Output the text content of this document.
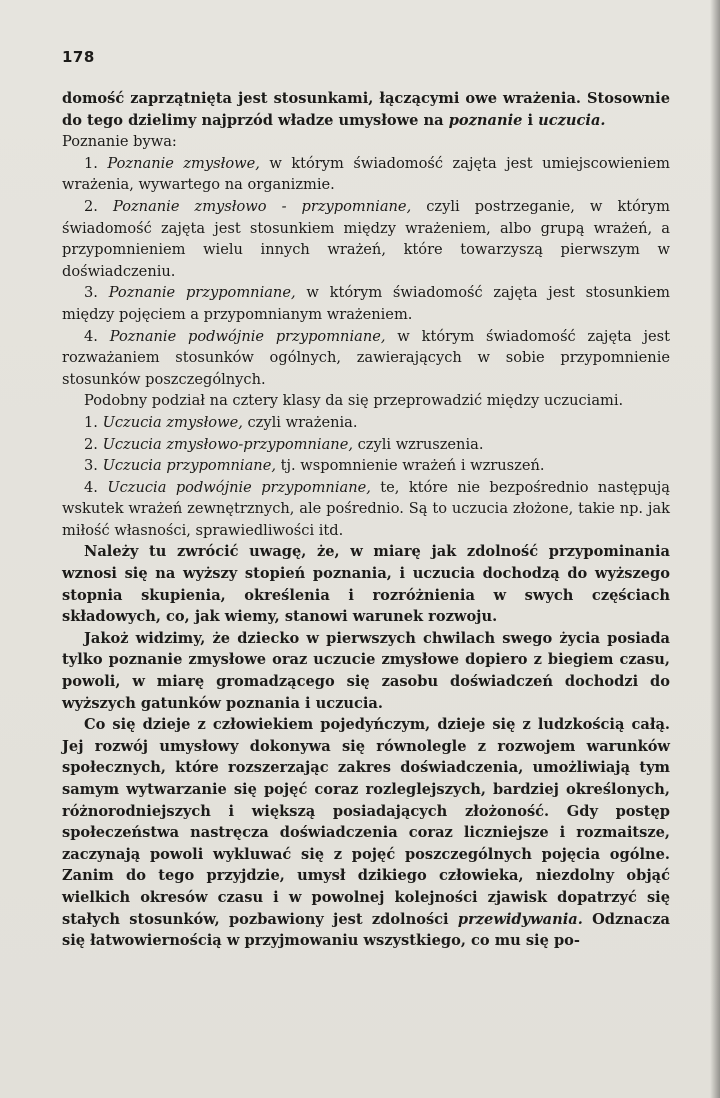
178

domość zaprzątnięta jest stosunkami, łączącymi owe wrażenia. Stosownie do tego dzielimy najprzód władze umysłowe na poznanie i uczucia.

Poznanie bywa:

1. Poznanie zmysłowe, w którym świadomość zajęta jest umiejscowieniem wrażenia, wywartego na organizmie.

2. Poznanie zmysłowo - przypomniane, czyli postrzeganie, w którym świadomość zajęta jest stosunkiem między wrażeniem, albo grupą wrażeń, a przypomnieniem wielu innych wrażeń, które towarzyszą pierwszym w doświadczeniu.

3. Poznanie przypomniane, w którym świadomość zajęta jest stosunkiem między pojęciem a przypomnianym wrażeniem.

4. Poznanie podwójnie przypomniane, w którym świadomość zajęta jest rozważaniem stosunków ogólnych, zawierających w sobie przypomnienie stosunków poszczególnych.

Podobny podział na cztery klasy da się przeprowadzić między uczuciami.

1. Uczucia zmysłowe, czyli wrażenia.

2. Uczucia zmysłowo-przypomniane, czyli wzruszenia.

3. Uczucia przypomniane, tj. wspomnienie wrażeń i wzruszeń.

4. Uczucia podwójnie przypomniane, te, które nie bezpośrednio następują wskutek wrażeń zewnętrznych, ale pośrednio. Są to uczucia złożone, takie np. jak miłość własności, sprawiedliwości itd.

Należy tu zwrócić uwagę, że, w miarę jak zdolność przypominania wznosi się na wyższy stopień poznania, i uczucia dochodzą do wyższego stopnia skupienia, określenia i rozróżnienia w swych częściach składowych, co, jak wiemy, stanowi warunek rozwoju.

Jakoż widzimy, że dziecko w pierwszych chwilach swego życia posiada tylko poznanie zmysłowe oraz uczucie zmysłowe dopiero z biegiem czasu, powoli, w miarę gromadzącego się zasobu doświadczeń dochodzi do wyższych gatunków poznania i uczucia.

Co się dzieje z człowiekiem pojedyńczym, dzieje się z ludzkością całą. Jej rozwój umysłowy dokonywa się równolegle z rozwojem warunków społecznych, które rozszerzając zakres doświadczenia, umożliwiają tym samym wytwarzanie się pojęć coraz rozleglejszych, bardziej określonych, różnorodniejszych i większą posiadających złożoność. Gdy postęp społeczeństwa nastręcza doświadczenia coraz liczniejsze i rozmaitsze, zaczynają powoli wykluwać się z pojęć poszczególnych pojęcia ogólne. Zanim do tego przyjdzie, umysł dzikiego człowieka, niezdolny objąć wielkich okresów czasu i w powolnej kolejności zjawisk dopatrzyć się stałych stosunków, pozbawiony jest zdolności przewidywania. Odznacza się łatwowiernością w przyjmowaniu wszystkiego, co mu się po-
